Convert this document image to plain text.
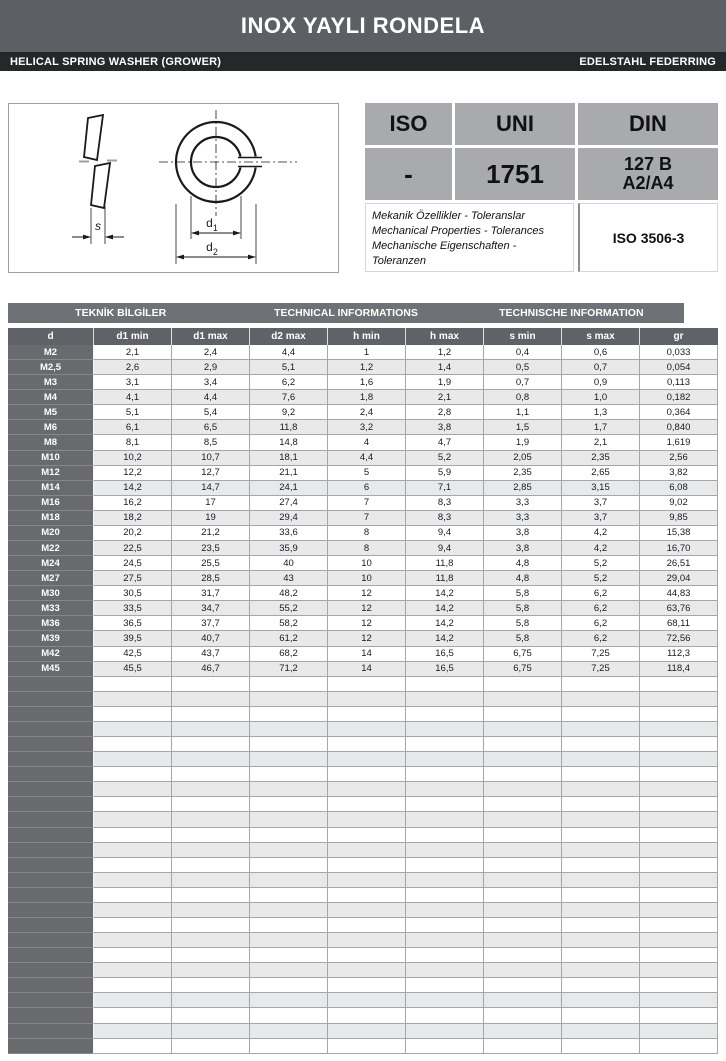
INOX YAYLI RONDELA
HELICAL SPRING WASHER (GROWER)	EDELSTAHL FEDERRING
s	$d_1$
$d_2$
ISO	UNI	DIN
-	1751	127 B
A2/A4
Mekanik Özellikler - Toleranslar
Mechanical Properties - Tolerances
Mechanische Eigenschaften - Toleranzen
ISO 3506-3
TEKNİK BİLGİLER	TECHNICAL INFORMATIONS	TECHNISCHE INFORMATION
d	d1 min	d1 max	d2 max	h min	h max	s min	s max	gr
M2	2,1	2,4	4,4	1	1,2	0,4	0,6	0,033
M2,5	2,6	2,9	5,1	1,2	1,4	0,5	0,7	0,054
M3	3,1	3,4	6,2	1,6	1,9	0,7	0,9	0,113
M4	4,1	4,4	7,6	1,8	2,1	0,8	1,0	0,182
M5	5,1	5,4	9,2	2,4	2,8	1,1	1,3	0,364
M6	6,1	6,5	11,8	3,2	3,8	1,5	1,7	0,840
M8	8,1	8,5	14,8	4	4,7	1,9	2,1	1,619
M10	10,2	10,7	18,1	4,4	5,2	2,05	2,35	2,56
M12	12,2	12,7	21,1	5	5,9	2,35	2,65	3,82
M14	14,2	14,7	24,1	6	7,1	2,85	3,15	6,08
M16	16,2	17	27,4	7	8,3	3,3	3,7	9,02
M18	18,2	19	29,4	7	8,3	3,3	3,7	9,85
M20	20,2	21,2	33,6	8	9,4	3,8	4,2	15,38
M22	22,5	23,5	35,9	8	9,4	3,8	4,2	16,70
M24	24,5	25,5	40	10	11,8	4,8	5,2	26,51
M27	27,5	28,5	43	10	11,8	4,8	5,2	29,04
M30	30,5	31,7	48,2	12	14,2	5,8	6,2	44,83
M33	33,5	34,7	55,2	12	14,2	5,8	6,2	63,76
M36	36,5	37,7	58,2	12	14,2	5,8	6,2	68,11
M39	39,5	40,7	61,2	12	14,2	5,8	6,2	72,56
M42	42,5	43,7	68,2	14	16,5	6,75	7,25	112,3
M45	45,5	46,7	71,2	14	16,5	6,75	7,25	118,4
